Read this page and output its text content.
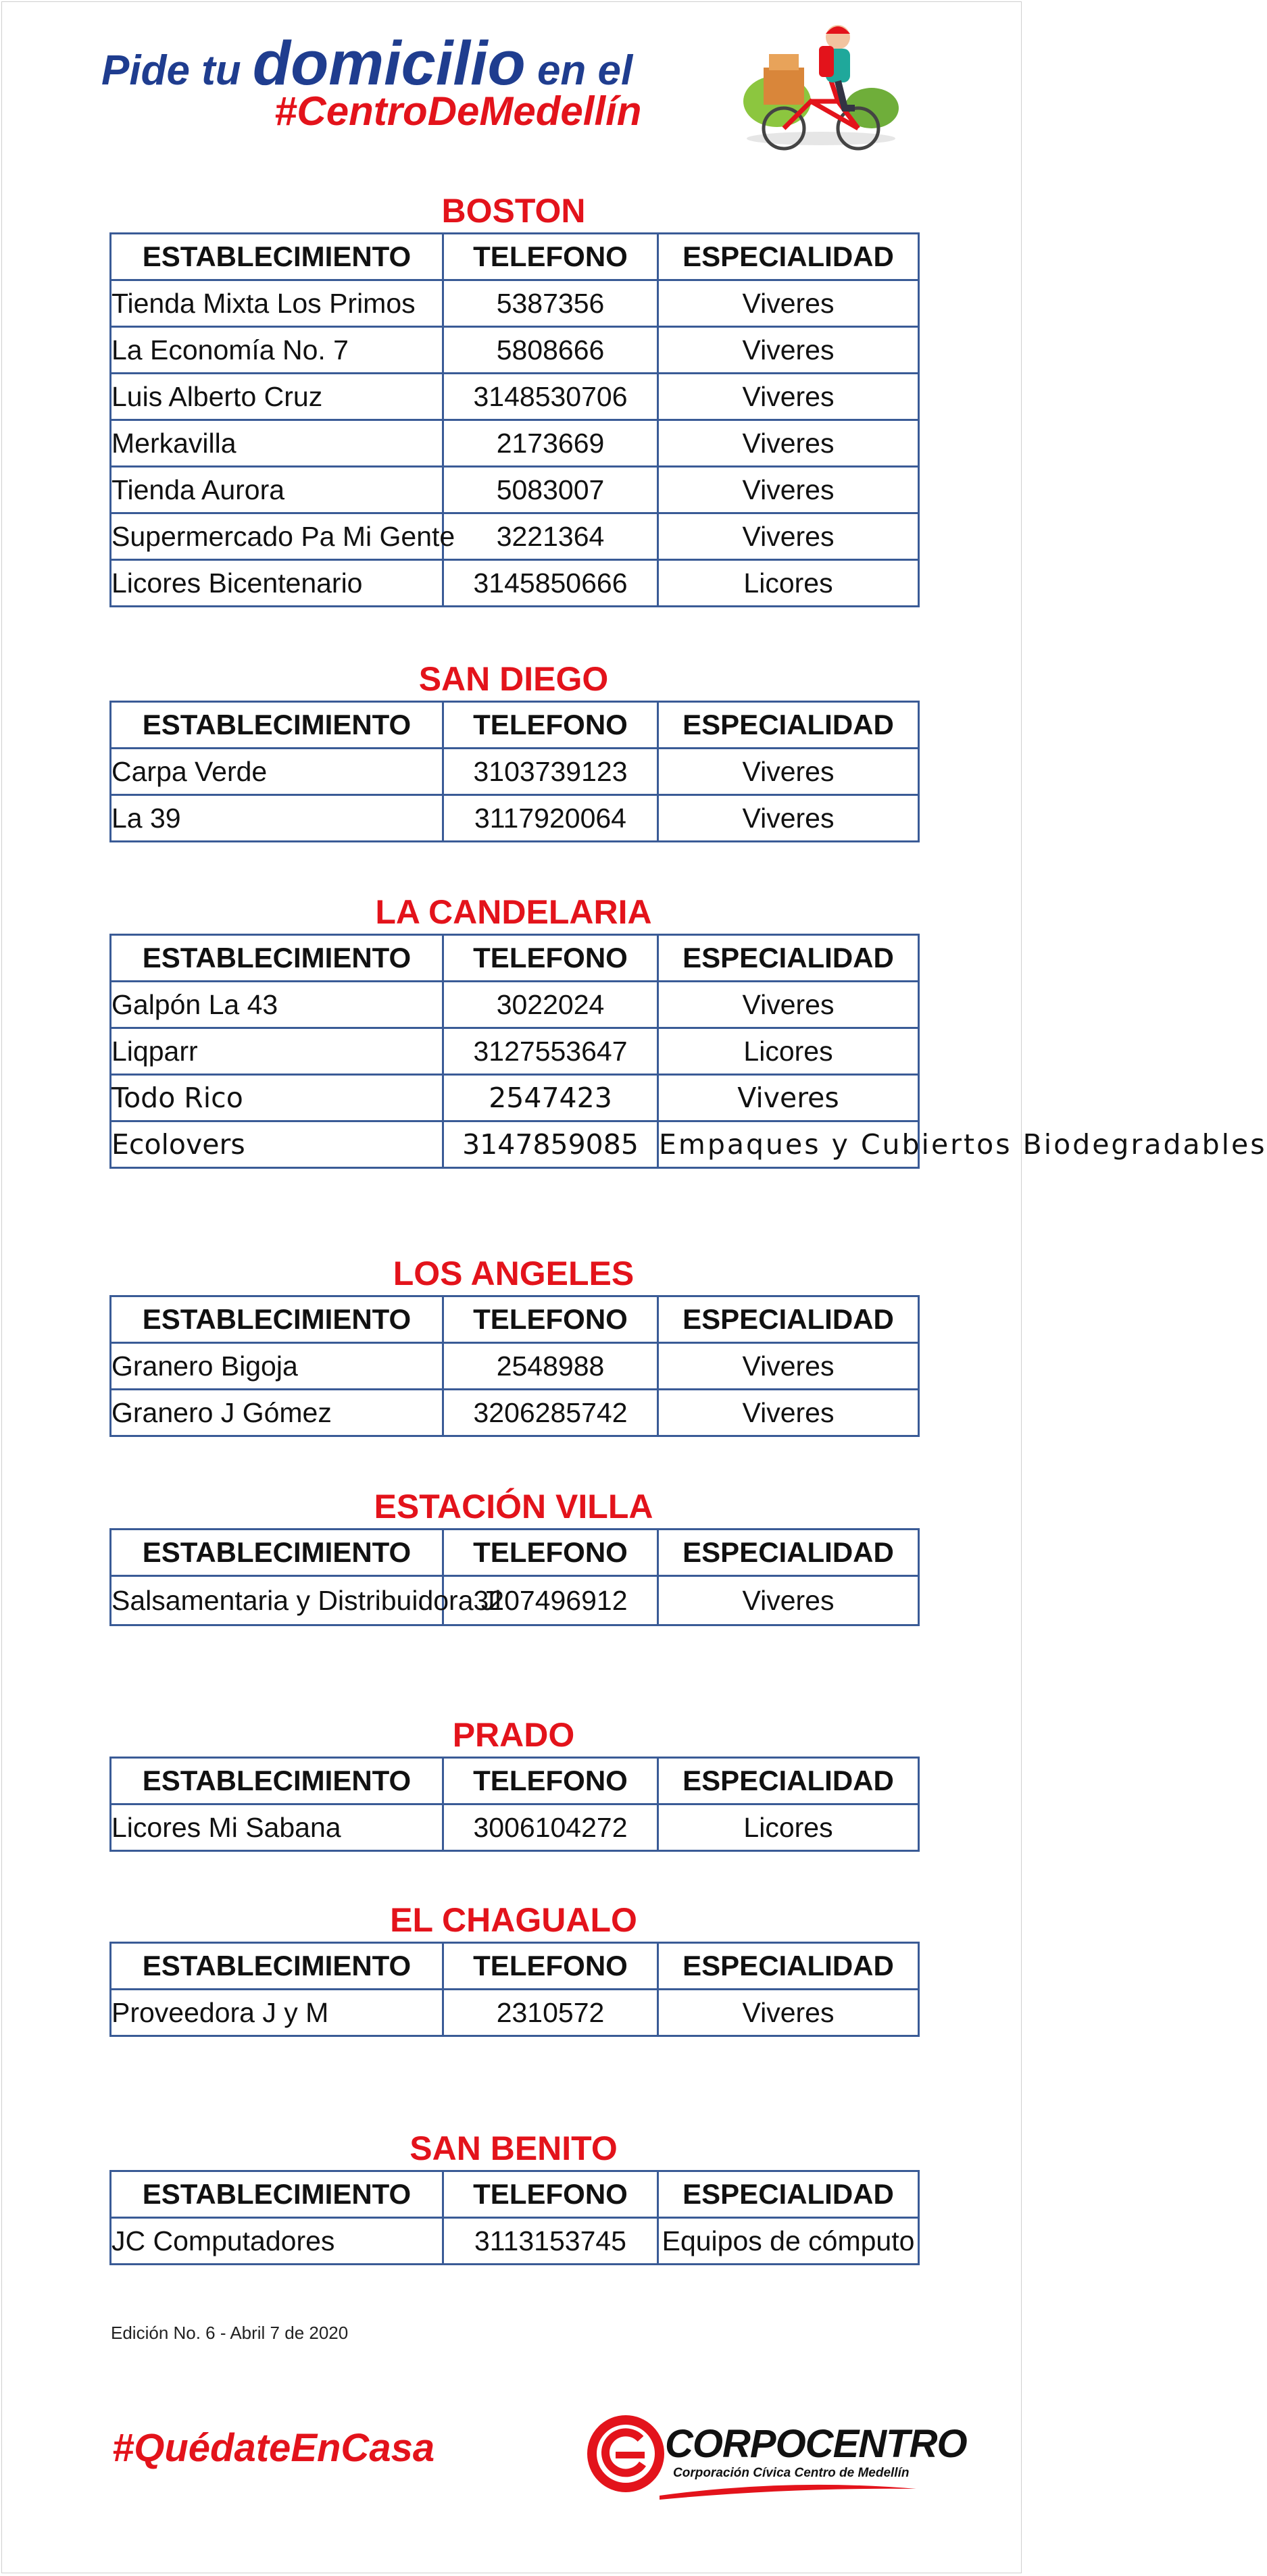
Pide tu domicilio en el
#CentroDeMedellín
BOSTON
ESTABLECIMIENTO	TELEFONO	ESPECIALIDAD
Tienda Mixta Los Primos	5387356	Viveres
La Economía No. 7	5808666	Viveres
Luis Alberto Cruz	3148530706	Viveres
Merkavilla	2173669	Viveres
Tienda Aurora	5083007	Viveres
Supermercado Pa Mi Gente	3221364	Viveres
Licores Bicentenario	3145850666	Licores
SAN DIEGO
ESTABLECIMIENTO	TELEFONO	ESPECIALIDAD
Carpa Verde	3103739123	Viveres
La 39	3117920064	Viveres
LA CANDELARIA
ESTABLECIMIENTO	TELEFONO	ESPECIALIDAD
Galpón La 43	3022024	Viveres
Liqparr	3127553647	Licores
Todo Rico	2547423	Viveres
Ecolovers	3147859085	Empaques y Cubiertos Biodegradables
LOS ANGELES
ESTABLECIMIENTO	TELEFONO	ESPECIALIDAD
Granero Bigoja	2548988	Viveres
Granero J Gómez	3206285742	Viveres
ESTACIÓN VILLA
ESTABLECIMIENTO	TELEFONO	ESPECIALIDAD
Salsamentaria y Distribuidora Jl	3207496912	Viveres
PRADO
ESTABLECIMIENTO	TELEFONO	ESPECIALIDAD
Licores Mi Sabana	3006104272	Licores
EL CHAGUALO
ESTABLECIMIENTO	TELEFONO	ESPECIALIDAD
Proveedora J y M	2310572	Viveres
SAN BENITO
ESTABLECIMIENTO	TELEFONO	ESPECIALIDAD
JC Computadores	3113153745	Equipos de cómputo
Edición No. 6 - Abril 7 de 2020
#QuédateEnCasa	CORPOCENTRO
Corporación Cívica Centro de Medellín
